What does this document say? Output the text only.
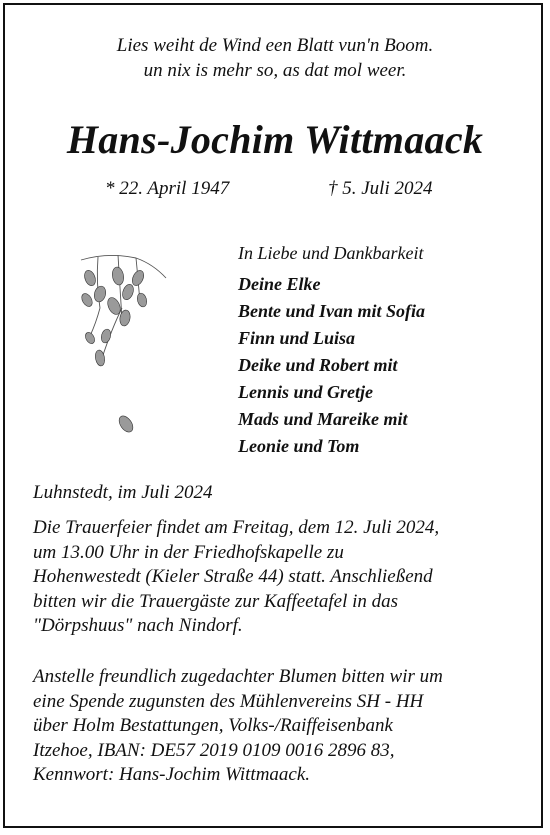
Lies weiht de Wind een Blatt vun'n Boom.
un nix is mehr so, as dat mol weer.
Hans-Jochim Wittmaack
* 22. April 1947	† 5. Juli 2024
In Liebe und Dankbarkeit
Deine Elke
Bente und Ivan mit Sofia
Finn und Luisa
Deike und Robert mit
Lennis und Gretje
Mads und Mareike mit
Leonie und Tom
Luhnstedt, im Juli 2024

Die Trauerfeier findet am Freitag, dem 12. Juli 2024,
um 13.00 Uhr in der Friedhofskapelle zu
Hohenwestedt (Kieler Straße 44) statt. Anschließend
bitten wir die Trauergäste zur Kaffeetafel in das
"Dörpshuus" nach Nindorf.

Anstelle freundlich zugedachter Blumen bitten wir um
eine Spende zugunsten des Mühlenvereins SH - HH
über Holm Bestattungen, Volks-/Raiffeisenbank
Itzehoe, IBAN: DE57 2019 0109 0016 2896 83,
Kennwort: Hans-Jochim Wittmaack.
